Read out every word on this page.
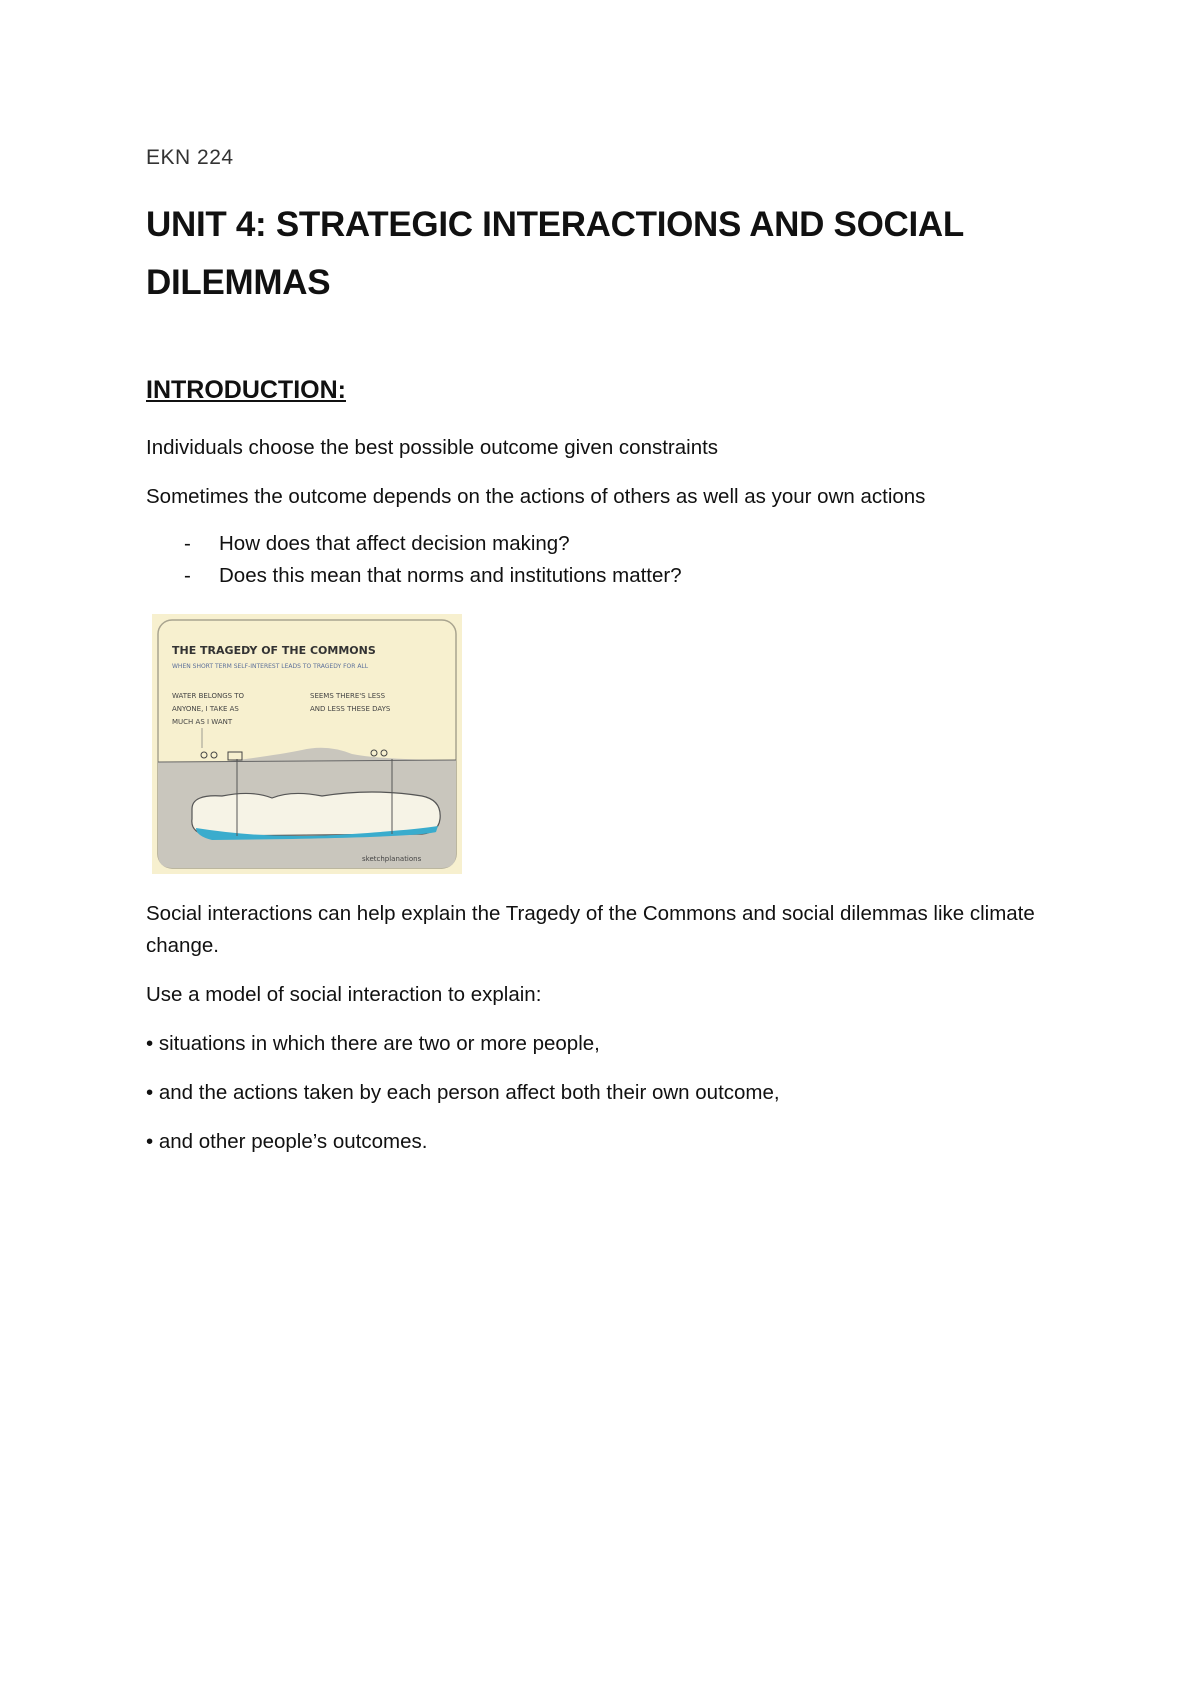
EKN 224
UNIT 4: STRATEGIC INTERACTIONS AND SOCIAL DILEMMAS
INTRODUCTION:
Individuals choose the best possible outcome given constraints
Sometimes the outcome depends on the actions of others as well as your own actions
- How does that affect decision making?
- Does this mean that norms and institutions matter?
THE TRAGEDY OF THE COMMONS
WHEN SHORT TERM SELF-INTEREST LEADS TO TRAGEDY FOR ALL
WATER BELONGS TO
ANYONE, I TAKE AS
MUCH AS I WANT
SEEMS THERE'S LESS
AND LESS THESE DAYS
sketchplanations
Social interactions can help explain the Tragedy of the Commons and social dilemmas like climate change.
Use a model of social interaction to explain:
• situations in which there are two or more people,
• and the actions taken by each person affect both their own outcome,
• and other people’s outcomes.
